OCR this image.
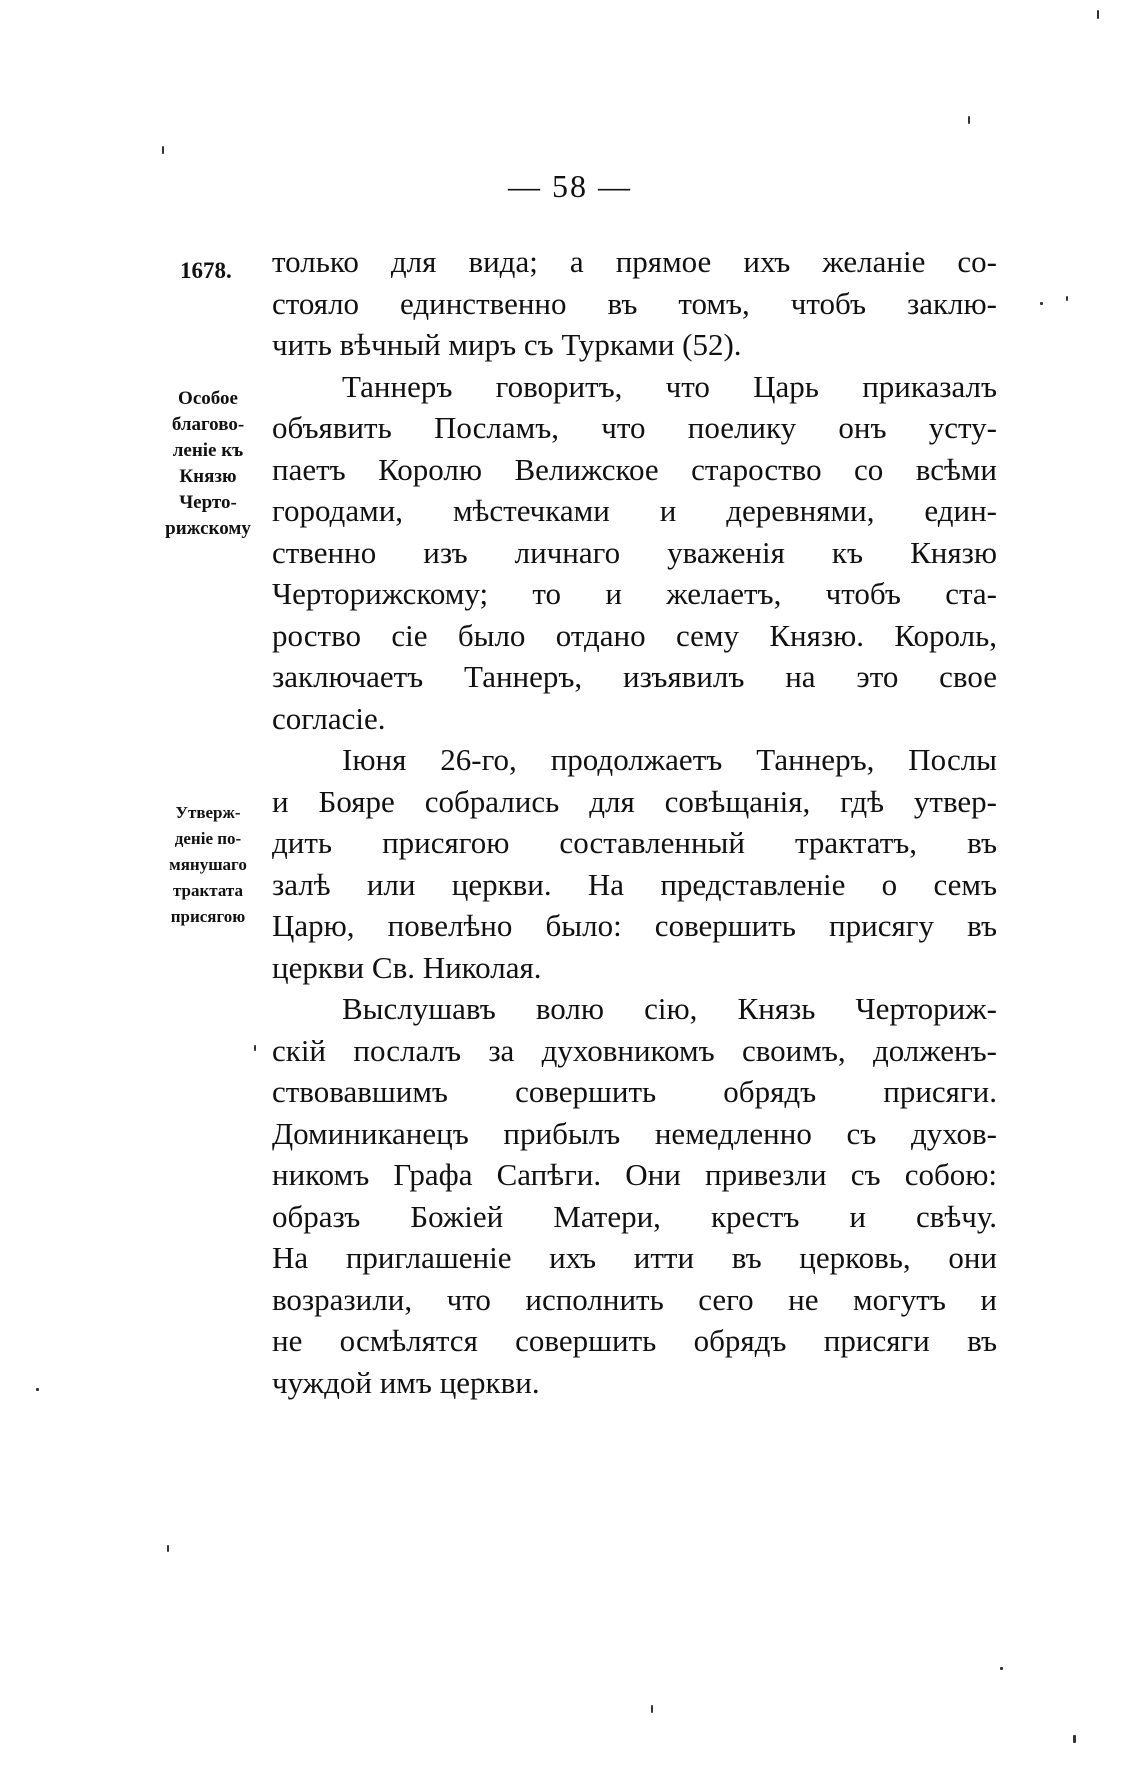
— 58 —
1678.
Особое
благово-
ленiе къ
Князю
Черто-
рижскому
Утверж-
денiе по-
мянушаго
трактата
присягою
только для вида; а прямое ихъ желанiе со-
стояло единственно въ томъ, чтобъ заклю-
чить вѣчный миръ съ Турками (52).
Таннеръ говоритъ, что Царь приказалъ
объявить Посламъ, что поелику онъ усту-
паетъ Королю Велижское староство со всѣми
городами, мѣстечками и деревнями, един-
ственно изъ личнаго уваженiя къ Князю
Черторижскому; то и желаетъ, чтобъ ста-
роство сiе было отдано сему Князю. Король,
заключаетъ Таннеръ, изъявилъ на это свое
согласiе.
Iюня 26-го, продолжаетъ Таннеръ, Послы
и Бояре собрались для совѣщанiя, гдѣ утвер-
дить присягою составленный трактатъ, въ
залѣ или церкви. На представленiе о семъ
Царю, повелѣно было: совершить присягу въ
церкви Св. Николая.
Выслушавъ волю сiю, Князь Черториж-
скiй послалъ за духовникомъ своимъ, долженъ-
ствовавшимъ совершить обрядъ присяги.
Доминиканецъ прибылъ немедленно съ духов-
никомъ Графа Сапѣги. Они привезли съ собою:
образъ Божiей Матери, крестъ и свѣчу.
На приглашенiе ихъ итти въ церковь, они
возразили, что исполнить сего не могутъ и
не осмѣлятся совершить обрядъ присяги въ
чуждой имъ церкви.
